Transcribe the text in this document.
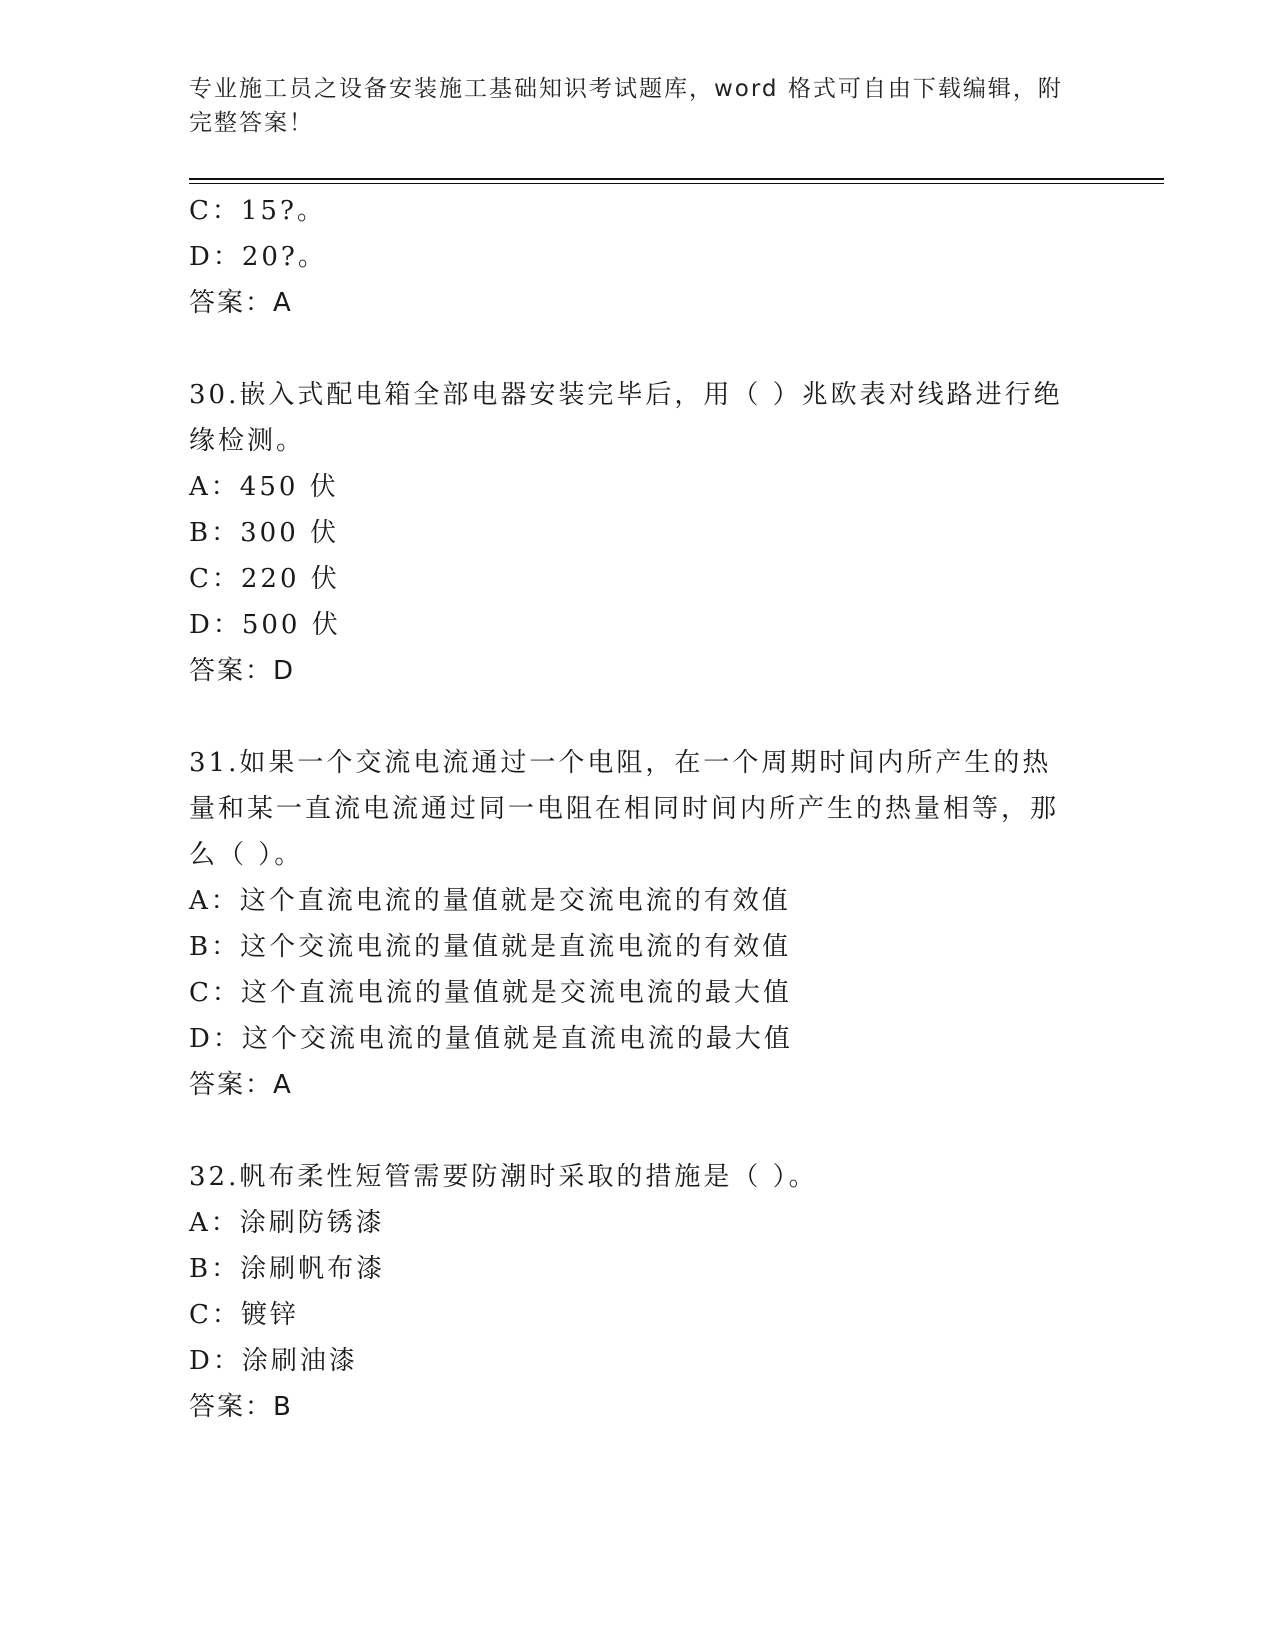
专业施工员之设备安装施工基础知识考试题库，word 格式可自由下载编辑，附完整答案！
C：15?。
D：20?。
答案：A
30.嵌入式配电箱全部电器安装完毕后，用（ ）兆欧表对线路进行绝缘检测。
A：450 伏
B：300 伏
C：220 伏
D：500 伏
答案：D
31.如果一个交流电流通过一个电阻，在一个周期时间内所产生的热量和某一直流电流通过同一电阻在相同时间内所产生的热量相等，那么（ ）。
A：这个直流电流的量值就是交流电流的有效值
B：这个交流电流的量值就是直流电流的有效值
C：这个直流电流的量值就是交流电流的最大值
D：这个交流电流的量值就是直流电流的最大值
答案：A
32.帆布柔性短管需要防潮时采取的措施是（ ）。
A：涂刷防锈漆
B：涂刷帆布漆
C：镀锌
D：涂刷油漆
答案：B
